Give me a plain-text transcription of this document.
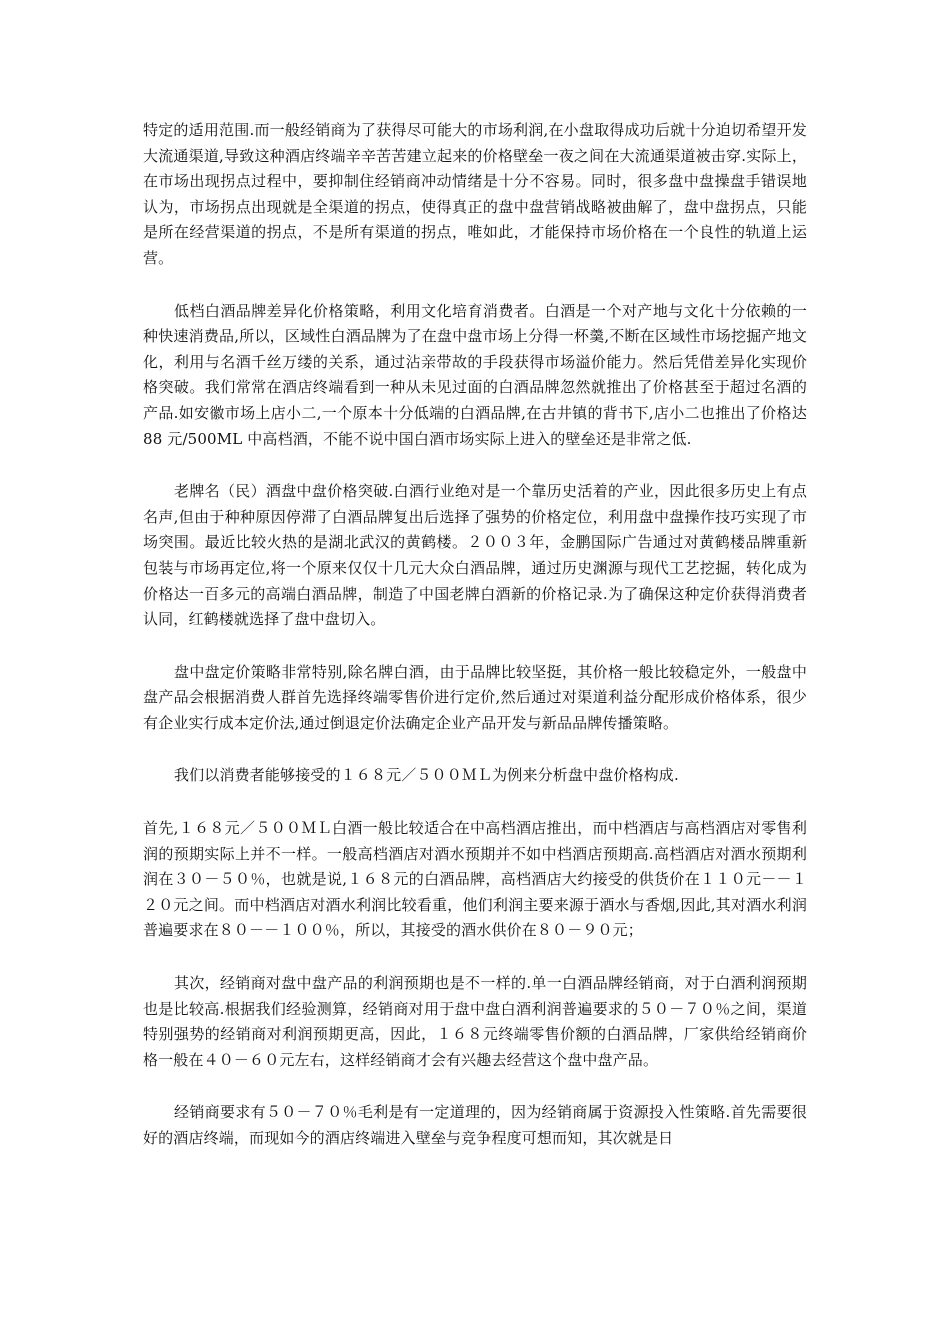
特定的适用范围.而一般经销商为了获得尽可能大的市场利润,在小盘取得成功后就十分迫切希望开发大流通渠道,导致这种酒店终端辛辛苦苦建立起来的价格壁垒一夜之间在大流通渠道被击穿.实际上，在市场出现拐点过程中，要抑制住经销商冲动情绪是十分不容易。同时，很多盘中盘操盘手错误地认为，市场拐点出现就是全渠道的拐点，使得真正的盘中盘营销战略被曲解了，盘中盘拐点，只能是所在经营渠道的拐点，不是所有渠道的拐点，唯如此，才能保持市场价格在一个良性的轨道上运营。

低档白酒品牌差异化价格策略，利用文化培育消费者。白酒是一个对产地与文化十分依赖的一种快速消费品,所以，区域性白酒品牌为了在盘中盘市场上分得一杯羹,不断在区域性市场挖掘产地文化，利用与名酒千丝万缕的关系，通过沾亲带故的手段获得市场溢价能力。然后凭借差异化实现价格突破。我们常常在酒店终端看到一种从未见过面的白酒品牌忽然就推出了价格甚至于超过名酒的产品.如安徽市场上店小二,一个原本十分低端的白酒品牌,在古井镇的背书下,店小二也推出了价格达 88 元/500ML 中高档酒，不能不说中国白酒市场实际上进入的壁垒还是非常之低.

老牌名（民）酒盘中盘价格突破.白酒行业绝对是一个靠历史活着的产业，因此很多历史上有点名声,但由于种种原因停滞了白酒品牌复出后选择了强势的价格定位，利用盘中盘操作技巧实现了市场突围。最近比较火热的是湖北武汉的黄鹤楼。２００３年，金鹏国际广告通过对黄鹤楼品牌重新包装与市场再定位,将一个原来仅仅十几元大众白酒品牌，通过历史渊源与现代工艺挖掘，转化成为价格达一百多元的高端白酒品牌，制造了中国老牌白酒新的价格记录.为了确保这种定价获得消费者认同，红鹤楼就选择了盘中盘切入。

盘中盘定价策略非常特别,除名牌白酒，由于品牌比较坚挺，其价格一般比较稳定外，一般盘中盘产品会根据消费人群首先选择终端零售价进行定价,然后通过对渠道利益分配形成价格体系，很少有企业实行成本定价法,通过倒退定价法确定企业产品开发与新品品牌传播策略。

我们以消费者能够接受的１６８元／５００ＭＬ为例来分析盘中盘价格构成.

首先,１６８元／５００ＭＬ白酒一般比较适合在中高档酒店推出，而中档酒店与高档酒店对零售利润的预期实际上并不一样。一般高档酒店对酒水预期并不如中档酒店预期高.高档酒店对酒水预期利润在３０－５０％，也就是说,１６８元的白酒品牌，高档酒店大约接受的供货价在１１０元－－１２０元之间。而中档酒店对酒水利润比较看重，他们利润主要来源于酒水与香烟,因此,其对酒水利润普遍要求在８０－－１００％，所以，其接受的酒水供价在８０－９０元；

其次，经销商对盘中盘产品的利润预期也是不一样的.单一白酒品牌经销商，对于白酒利润预期也是比较高.根据我们经验测算，经销商对用于盘中盘白酒利润普遍要求的５０－７０％之间，渠道特别强势的经销商对利润预期更高，因此，１６８元终端零售价额的白酒品牌，厂家供给经销商价格一般在４０－６０元左右，这样经销商才会有兴趣去经营这个盘中盘产品。

经销商要求有５０－７０％毛利是有一定道理的，因为经销商属于资源投入性策略.首先需要很好的酒店终端，而现如今的酒店终端进入壁垒与竞争程度可想而知，其次就是日
